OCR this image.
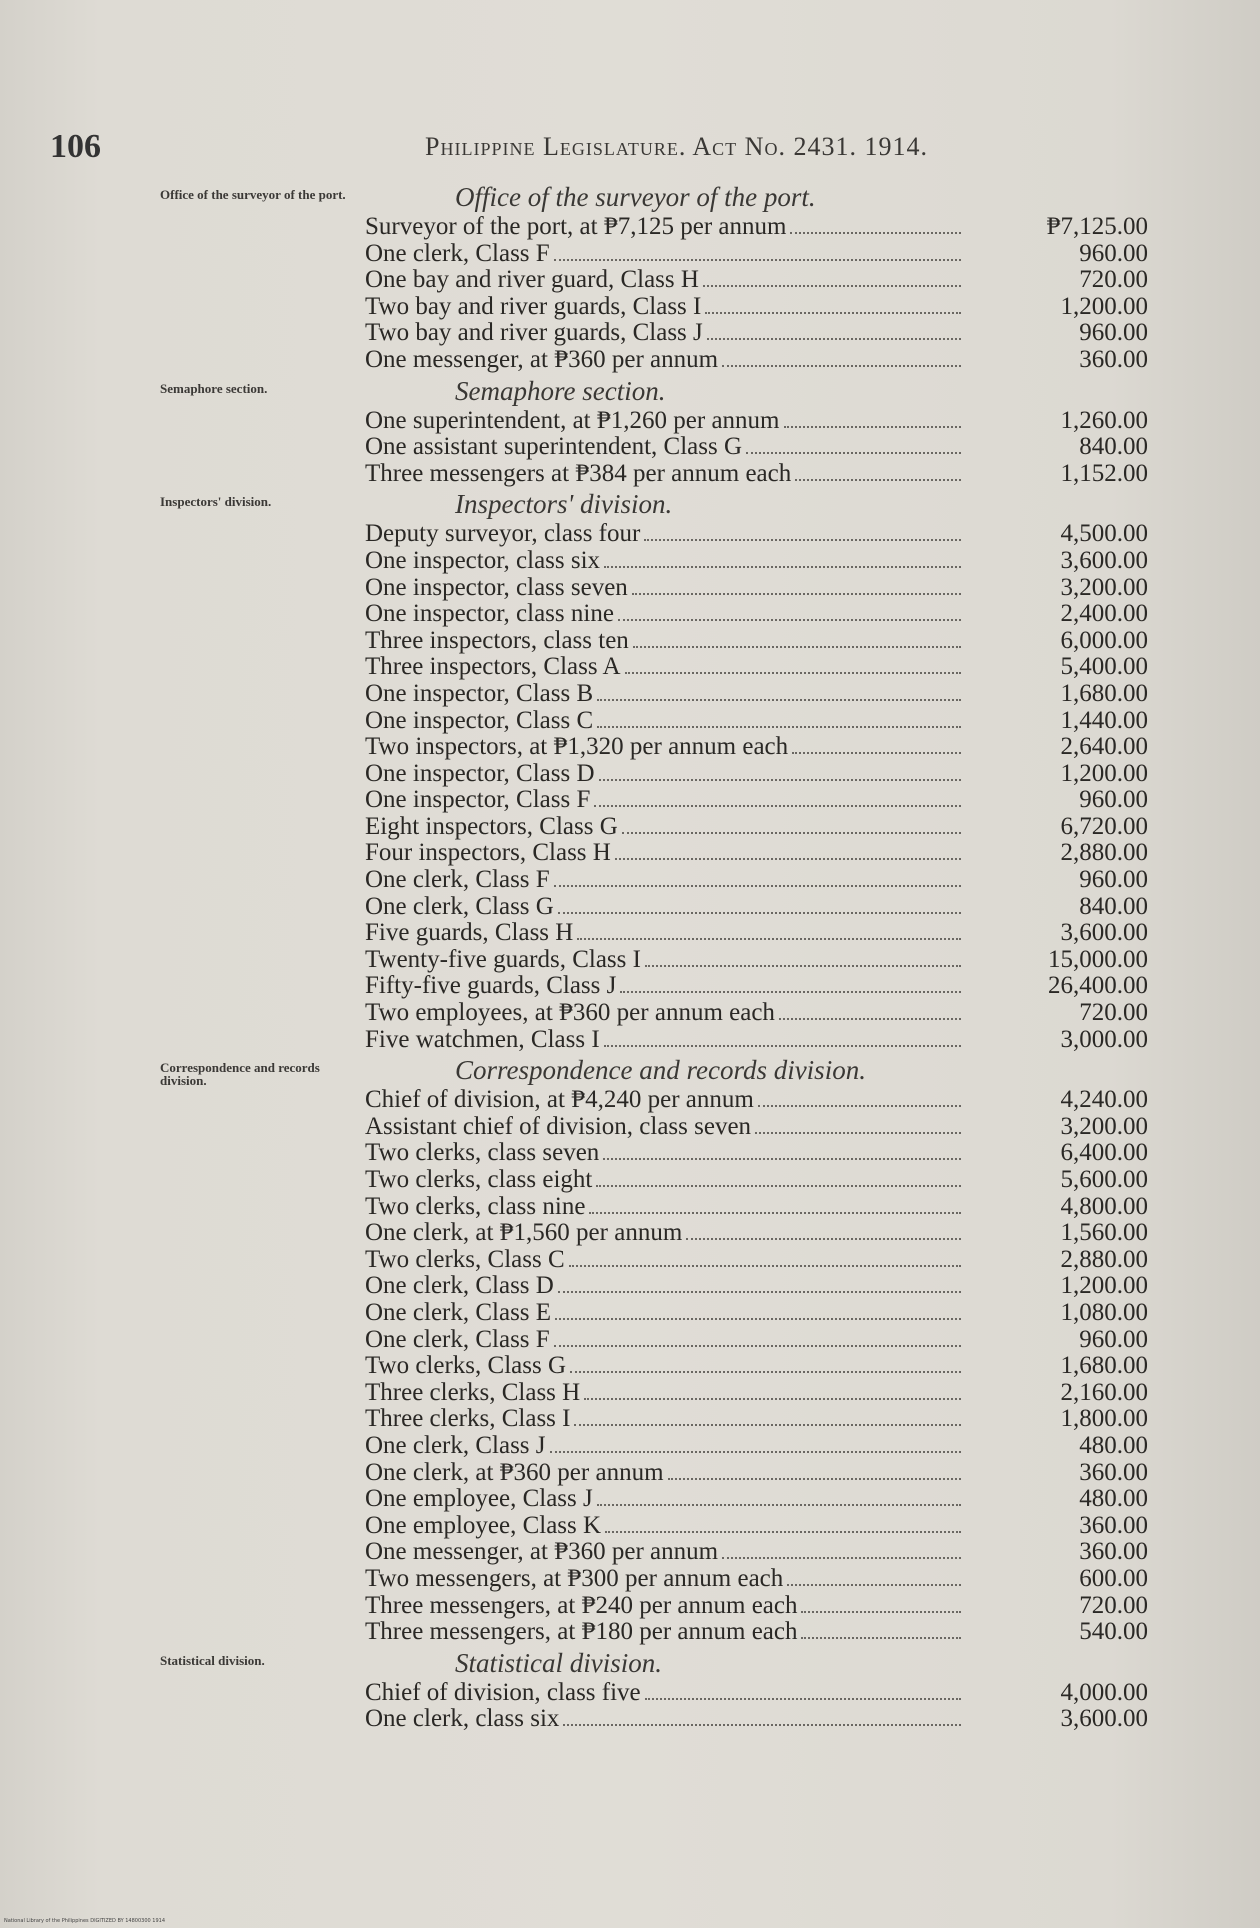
106	Philippine Legislature. Act No. 2431. 1914.
Office of the surveyor of the port.	Office of the surveyor of the port.
Surveyor of the port, at ₱7,125 per annum	₱7,125.00
One clerk, Class F	960.00
One bay and river guard, Class H	720.00
Two bay and river guards, Class I	1,200.00
Two bay and river guards, Class J	960.00
One messenger, at ₱360 per annum	360.00
Semaphore section.	Semaphore section.
One superintendent, at ₱1,260 per annum	1,260.00
One assistant superintendent, Class G	840.00
Three messengers at ₱384 per annum each	1,152.00
Inspectors' division.	Inspectors' division.
Deputy surveyor, class four	4,500.00
One inspector, class six	3,600.00
One inspector, class seven	3,200.00
One inspector, class nine	2,400.00
Three inspectors, class ten	6,000.00
Three inspectors, Class A	5,400.00
One inspector, Class B	1,680.00
One inspector, Class C	1,440.00
Two inspectors, at ₱1,320 per annum each	2,640.00
One inspector, Class D	1,200.00
One inspector, Class F	960.00
Eight inspectors, Class G	6,720.00
Four inspectors, Class H	2,880.00
One clerk, Class F	960.00
One clerk, Class G	840.00
Five guards, Class H	3,600.00
Twenty-five guards, Class I	15,000.00
Fifty-five guards, Class J	26,400.00
Two employees, at ₱360 per annum each	720.00
Five watchmen, Class I	3,000.00
Correspondence and records division.	Correspondence and records division.
Chief of division, at ₱4,240 per annum	4,240.00
Assistant chief of division, class seven	3,200.00
Two clerks, class seven	6,400.00
Two clerks, class eight	5,600.00
Two clerks, class nine	4,800.00
One clerk, at ₱1,560 per annum	1,560.00
Two clerks, Class C	2,880.00
One clerk, Class D	1,200.00
One clerk, Class E	1,080.00
One clerk, Class F	960.00
Two clerks, Class G	1,680.00
Three clerks, Class H	2,160.00
Three clerks, Class I	1,800.00
One clerk, Class J	480.00
One clerk, at ₱360 per annum	360.00
One employee, Class J	480.00
One employee, Class K	360.00
One messenger, at ₱360 per annum	360.00
Two messengers, at ₱300 per annum each	600.00
Three messengers, at ₱240 per annum each	720.00
Three messengers, at ₱180 per annum each	540.00
Statistical division.	Statistical division.
Chief of division, class five	4,000.00
One clerk, class six	3,600.00
National Library of the Philippines DIGITIZED BY 14800300 1914
